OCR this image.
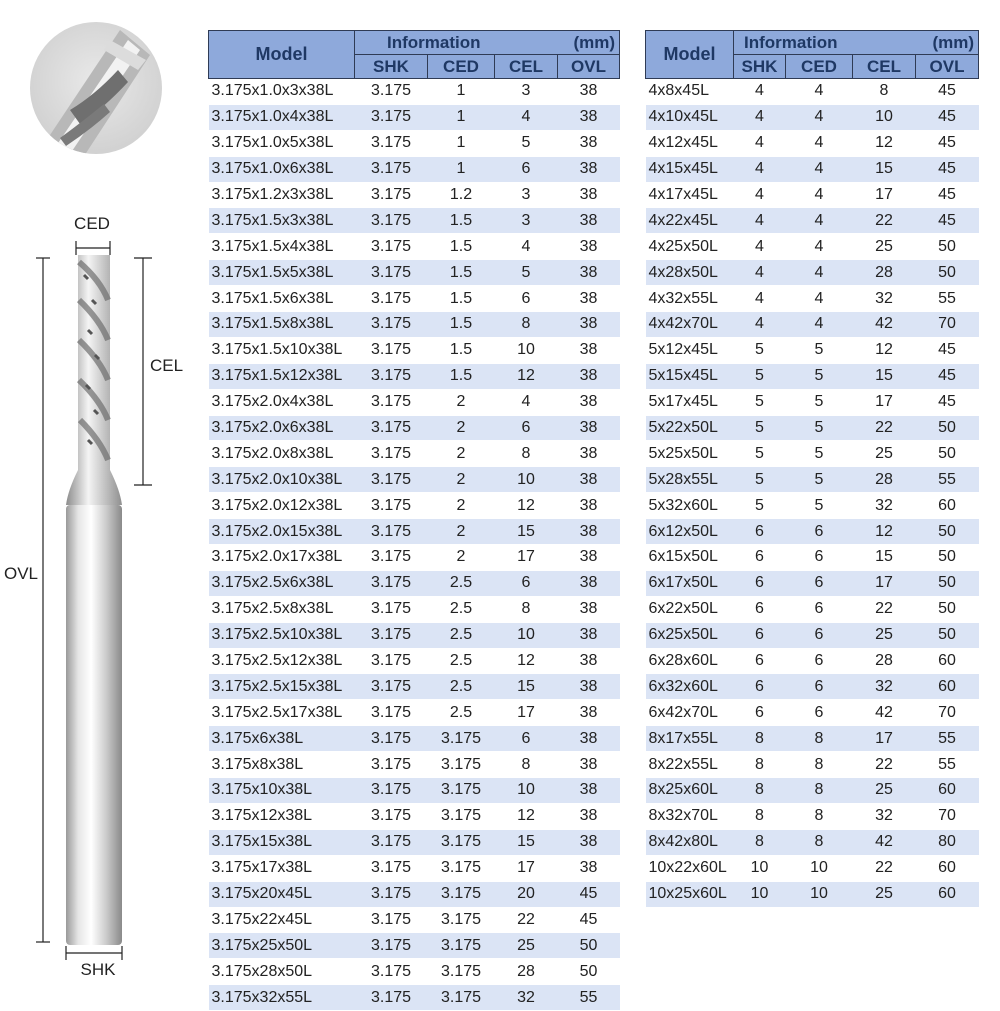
CED
CEL
OVL
SHK
Model	Information (mm)			

	SHK	CED	CEL	OVL
3.175x1.0x3x38L	3.175	1	3	38
3.175x1.0x4x38L	3.175	1	4	38
3.175x1.0x5x38L	3.175	1	5	38
3.175x1.0x6x38L	3.175	1	6	38
3.175x1.2x3x38L	3.175	1.2	3	38
3.175x1.5x3x38L	3.175	1.5	3	38
3.175x1.5x4x38L	3.175	1.5	4	38
3.175x1.5x5x38L	3.175	1.5	5	38
3.175x1.5x6x38L	3.175	1.5	6	38
3.175x1.5x8x38L	3.175	1.5	8	38
3.175x1.5x10x38L	3.175	1.5	10	38
3.175x1.5x12x38L	3.175	1.5	12	38
3.175x2.0x4x38L	3.175	2	4	38
3.175x2.0x6x38L	3.175	2	6	38
3.175x2.0x8x38L	3.175	2	8	38
3.175x2.0x10x38L	3.175	2	10	38
3.175x2.0x12x38L	3.175	2	12	38
3.175x2.0x15x38L	3.175	2	15	38
3.175x2.0x17x38L	3.175	2	17	38
3.175x2.5x6x38L	3.175	2.5	6	38
3.175x2.5x8x38L	3.175	2.5	8	38
3.175x2.5x10x38L	3.175	2.5	10	38
3.175x2.5x12x38L	3.175	2.5	12	38
3.175x2.5x15x38L	3.175	2.5	15	38
3.175x2.5x17x38L	3.175	2.5	17	38
3.175x6x38L	3.175	3.175	6	38
3.175x8x38L	3.175	3.175	8	38
3.175x10x38L	3.175	3.175	10	38
3.175x12x38L	3.175	3.175	12	38
3.175x15x38L	3.175	3.175	15	38
3.175x17x38L	3.175	3.175	17	38
3.175x20x45L	3.175	3.175	20	45
3.175x22x45L	3.175	3.175	22	45
3.175x25x50L	3.175	3.175	25	50
3.175x28x50L	3.175	3.175	28	50
3.175x32x55L	3.175	3.175	32	55
Model	Information (mm)			

	SHK	CED	CEL	OVL
4x8x45L	4	4	8	45
4x10x45L	4	4	10	45
4x12x45L	4	4	12	45
4x15x45L	4	4	15	45
4x17x45L	4	4	17	45
4x22x45L	4	4	22	45
4x25x50L	4	4	25	50
4x28x50L	4	4	28	50
4x32x55L	4	4	32	55
4x42x70L	4	4	42	70
5x12x45L	5	5	12	45
5x15x45L	5	5	15	45
5x17x45L	5	5	17	45
5x22x50L	5	5	22	50
5x25x50L	5	5	25	50
5x28x55L	5	5	28	55
5x32x60L	5	5	32	60
6x12x50L	6	6	12	50
6x15x50L	6	6	15	50
6x17x50L	6	6	17	50
6x22x50L	6	6	22	50
6x25x50L	6	6	25	50
6x28x60L	6	6	28	60
6x32x60L	6	6	32	60
6x42x70L	6	6	42	70
8x17x55L	8	8	17	55
8x22x55L	8	8	22	55
8x25x60L	8	8	25	60
8x32x70L	8	8	32	70
8x42x80L	8	8	42	80
10x22x60L	10	10	22	60
10x25x60L	10	10	25	60
